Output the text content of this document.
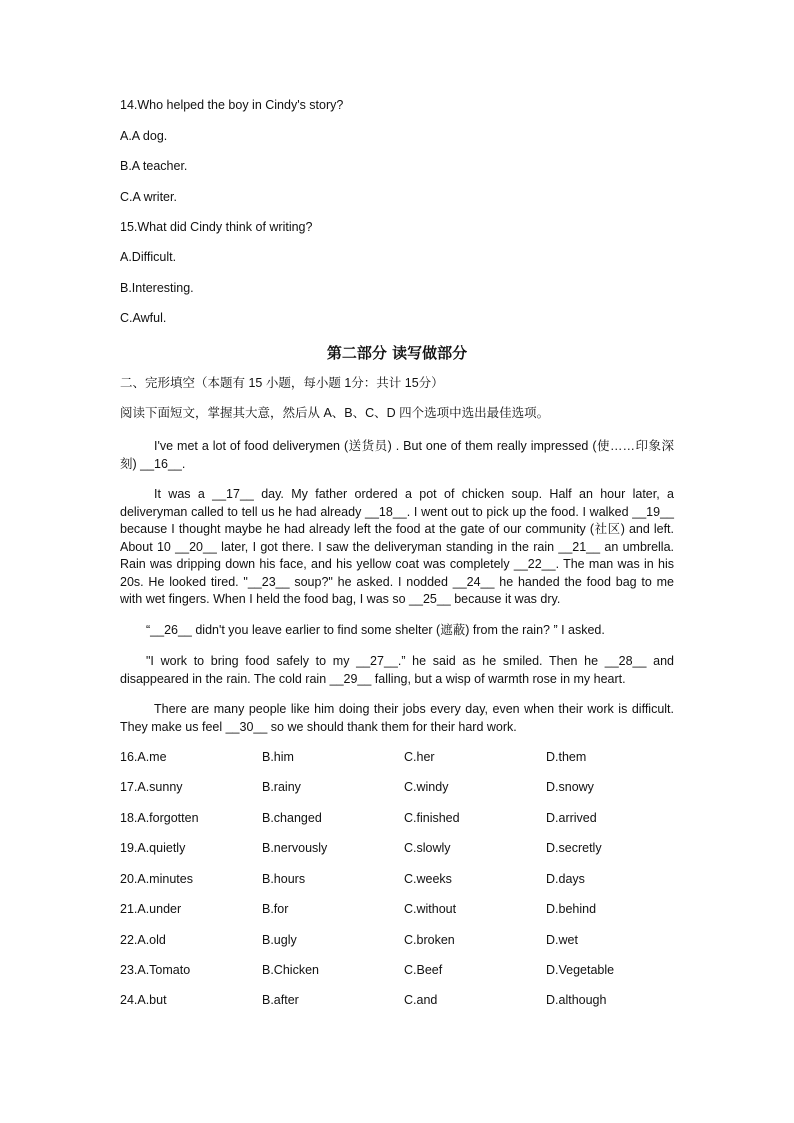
14.Who helped the boy in Cindy's story?
A.A dog.
B.A teacher.
C.A writer.
15.What did Cindy think of writing?
A.Difficult.
B.Interesting.
C.Awful.
第二部分 读写做部分
二、完形填空（本题有 15 小题，每小题 1分：共计 15分）
阅读下面短文，掌握其大意，然后从 A、B、C、D 四个选项中选出最佳选项。
I've met a lot of food deliverymen (送货员) . But one of them really impressed (使……印象深刻) __16__.
It was a __17__ day. My father ordered a pot of chicken soup. Half an hour later, a deliveryman called to tell us he had already __18__. I went out to pick up the food. I walked __19__ because I thought maybe he had already left the food at the gate of our community (社区) and left. About 10 __20__ later, I got there. I saw the deliveryman standing in the rain __21__ an umbrella. Rain was dripping down his face, and his yellow coat was completely __22__. The man was in his 20s. He looked tired. "__23__ soup?" he asked. I nodded __24__ he handed the food bag to me with wet fingers. When I held the food bag, I was so __25__ because it was dry.
“__26__ didn't you leave earlier to find some shelter (遮蔽) from the rain? ” I asked.
"I work to bring food safely to my __27__.” he said as he smiled. Then he __28__ and disappeared in the rain. The cold rain __29__ falling, but a wisp of warmth rose in my heart.
There are many people like him doing their jobs every day, even when their work is difficult. They make us feel __30__ so we should thank them for their hard work.
16.A.me	B.him	C.her	D.them
17.A.sunny	B.rainy	C.windy	D.snowy
18.A.forgotten	B.changed	C.finished	D.arrived
19.A.quietly	B.nervously	C.slowly	D.secretly
20.A.minutes	B.hours	C.weeks	D.days
21.A.under	B.for	C.without	D.behind
22.A.old	B.ugly	C.broken	D.wet
23.A.Tomato	B.Chicken	C.Beef	D.Vegetable
24.A.but	B.after	C.and	D.although
